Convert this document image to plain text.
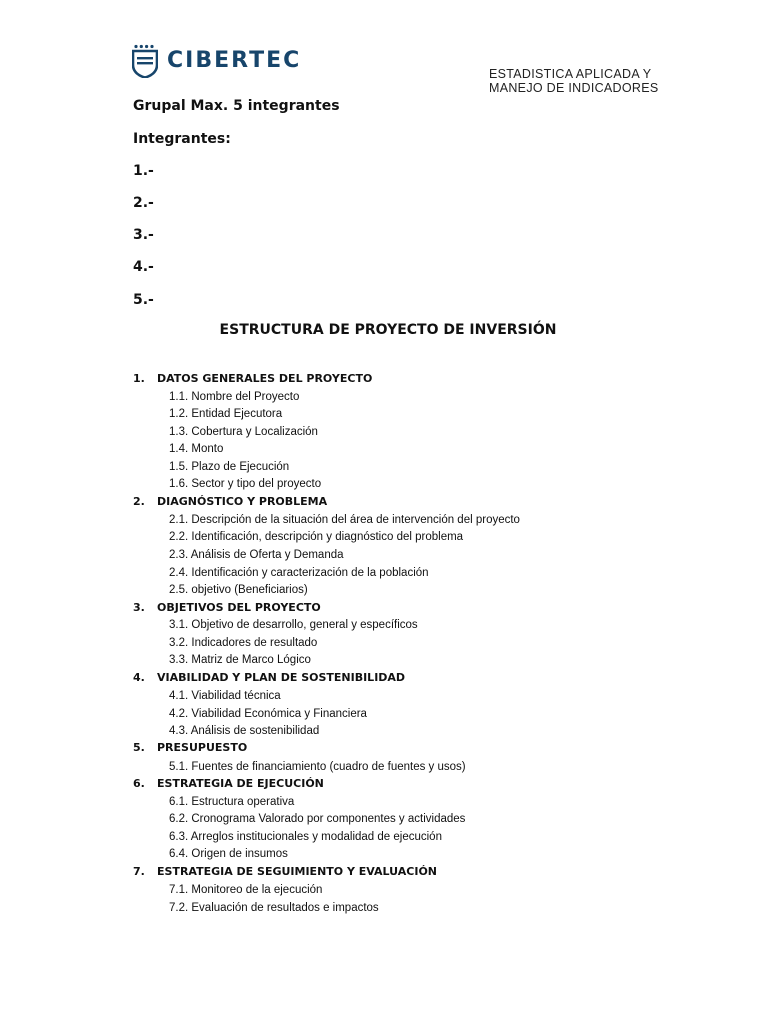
CIBERTEC
ESTADISTICA APLICADA Y
MANEJO DE INDICADORES
Grupal Max. 5 integrantes
Integrantes:
1.-
2.-
3.-
4.-
5.-
ESTRUCTURA DE PROYECTO DE INVERSIÓN
1. DATOS GENERALES DEL PROYECTO
1.1. Nombre del Proyecto
1.2. Entidad Ejecutora
1.3. Cobertura y Localización
1.4. Monto
1.5. Plazo de Ejecución
1.6. Sector y tipo del proyecto
2. DIAGNÓSTICO Y PROBLEMA
2.1. Descripción de la situación del área de intervención del proyecto
2.2. Identificación, descripción y diagnóstico del problema
2.3. Análisis de Oferta y Demanda
2.4. Identificación y caracterización de la población
2.5. objetivo (Beneficiarios)
3. OBJETIVOS DEL PROYECTO
3.1. Objetivo de desarrollo, general y específicos
3.2. Indicadores de resultado
3.3. Matriz de Marco Lógico
4. VIABILIDAD Y PLAN DE SOSTENIBILIDAD
4.1. Viabilidad técnica
4.2. Viabilidad Económica y Financiera
4.3. Análisis de sostenibilidad
5. PRESUPUESTO
5.1. Fuentes de financiamiento (cuadro de fuentes y usos)
6. ESTRATEGIA DE EJECUCIÓN
6.1. Estructura operativa
6.2. Cronograma Valorado por componentes y actividades
6.3. Arreglos institucionales y modalidad de ejecución
6.4. Origen de insumos
7. ESTRATEGIA DE SEGUIMIENTO Y EVALUACIÓN
7.1. Monitoreo de la ejecución
7.2. Evaluación de resultados e impactos
